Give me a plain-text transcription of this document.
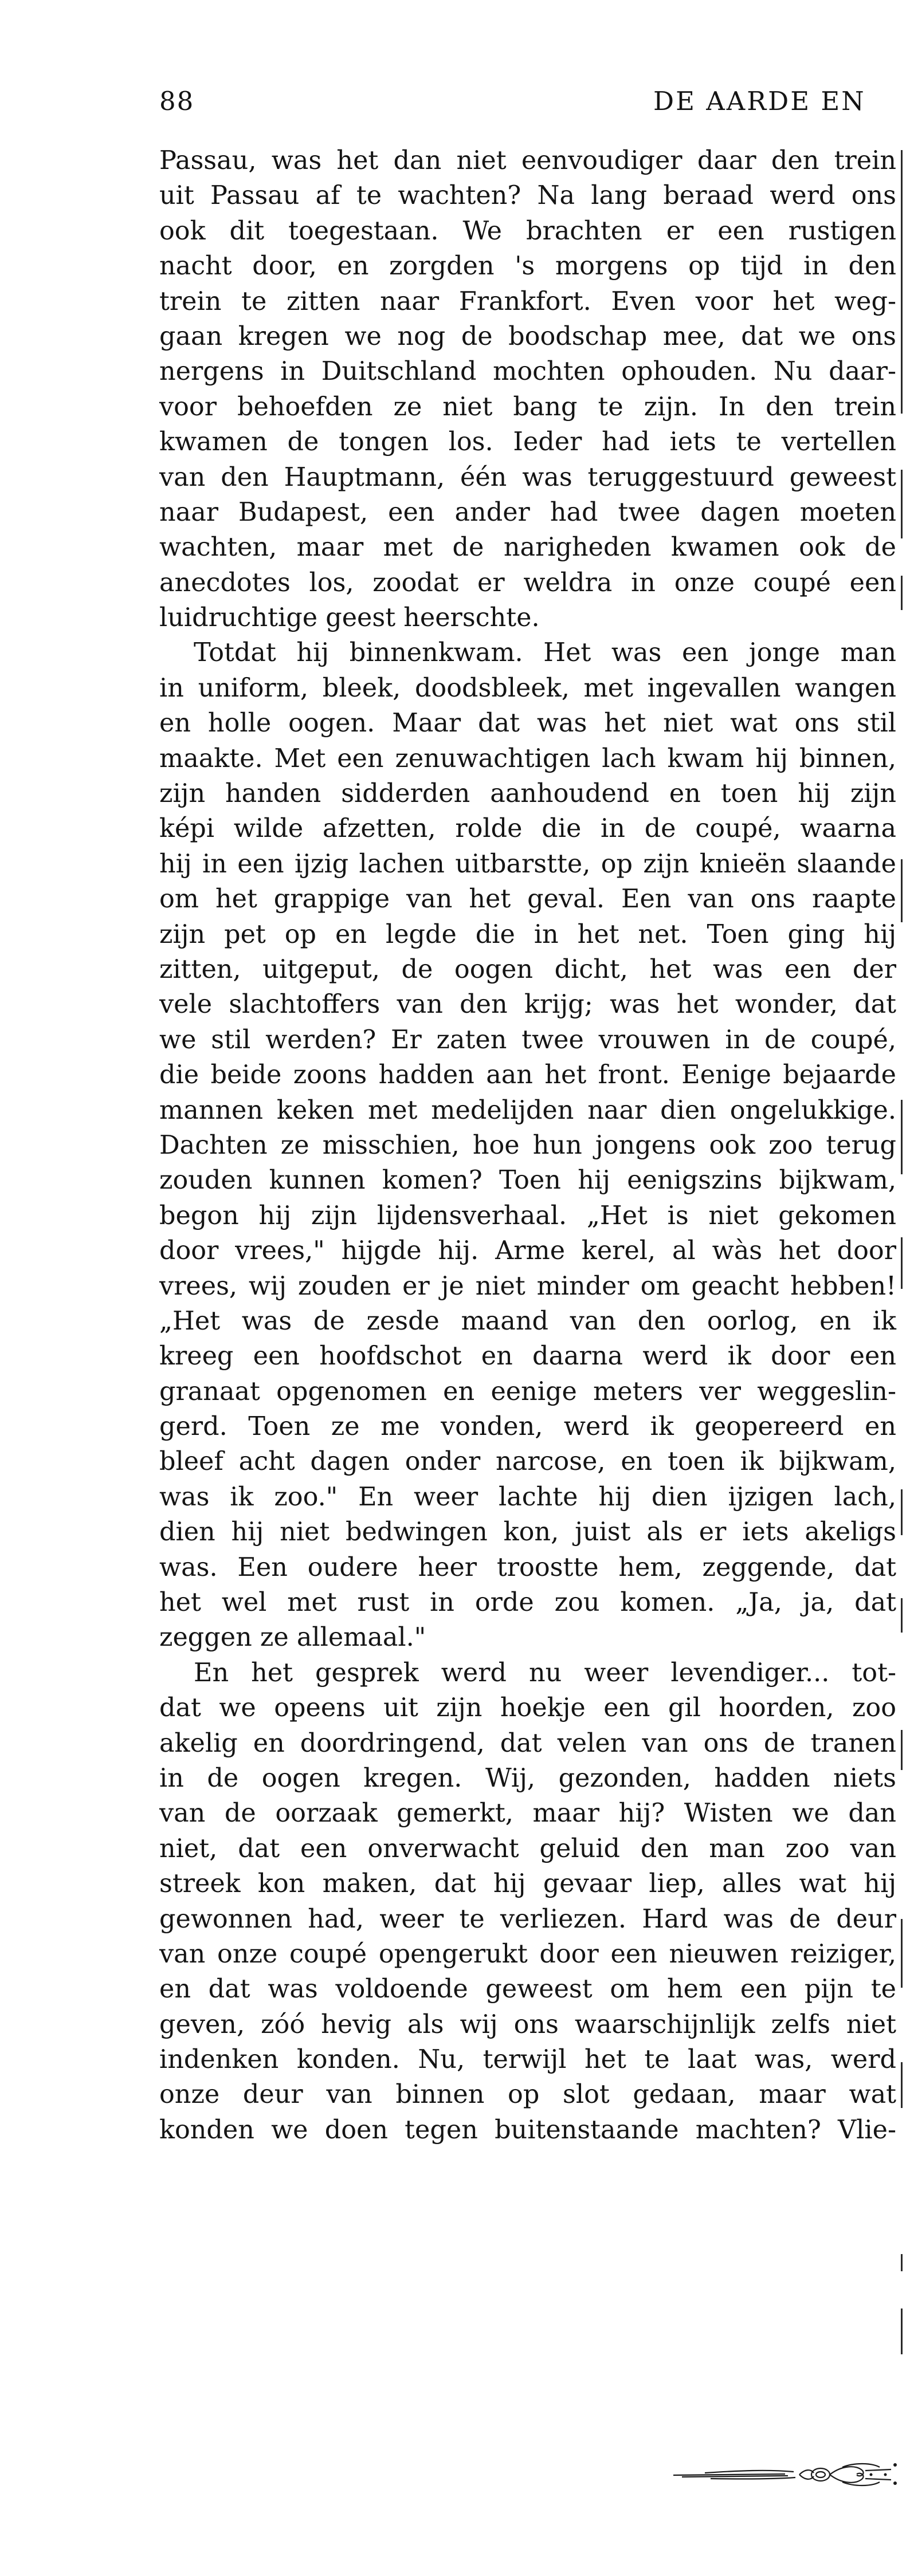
88	DE AARDE EN
Passau, was het dan niet eenvoudiger daar den trein
uit Passau af te wachten? Na lang beraad werd ons
ook dit toegestaan. We brachten er een rustigen
nacht door, en zorgden 's morgens op tijd in den
trein te zitten naar Frankfort. Even voor het weg-
gaan kregen we nog de boodschap mee, dat we ons
nergens in Duitschland mochten ophouden. Nu daar-
voor behoefden ze niet bang te zijn. In den trein
kwamen de tongen los. Ieder had iets te vertellen
van den Hauptmann, één was teruggestuurd geweest
naar Budapest, een ander had twee dagen moeten
wachten, maar met de narigheden kwamen ook de
anecdotes los, zoodat er weldra in onze coupé een
luidruchtige geest heerschte.
Totdat hij binnenkwam. Het was een jonge man
in uniform, bleek, doodsbleek, met ingevallen wangen
en holle oogen. Maar dat was het niet wat ons stil
maakte. Met een zenuwachtigen lach kwam hij binnen,
zijn handen sidderden aanhoudend en toen hij zijn
képi wilde afzetten, rolde die in de coupé, waarna
hij in een ijzig lachen uitbarstte, op zijn knieën slaande
om het grappige van het geval. Een van ons raapte
zijn pet op en legde die in het net. Toen ging hij
zitten, uitgeput, de oogen dicht, het was een der
vele slachtoffers van den krijg; was het wonder, dat
we stil werden? Er zaten twee vrouwen in de coupé,
die beide zoons hadden aan het front. Eenige bejaarde
mannen keken met medelijden naar dien ongelukkige.
Dachten ze misschien, hoe hun jongens ook zoo terug
zouden kunnen komen? Toen hij eenigszins bijkwam,
begon hij zijn lijdensverhaal. „Het is niet gekomen
door vrees," hijgde hij. Arme kerel, al wàs het door
vrees, wij zouden er je niet minder om geacht hebben!
„Het was de zesde maand van den oorlog, en ik
kreeg een hoofdschot en daarna werd ik door een
granaat opgenomen en eenige meters ver weggeslin-
gerd. Toen ze me vonden, werd ik geopereerd en
bleef acht dagen onder narcose, en toen ik bijkwam,
was ik zoo." En weer lachte hij dien ijzigen lach,
dien hij niet bedwingen kon, juist als er iets akeligs
was. Een oudere heer troostte hem, zeggende, dat
het wel met rust in orde zou komen. „Ja, ja, dat
zeggen ze allemaal."
En het gesprek werd nu weer levendiger... tot-
dat we opeens uit zijn hoekje een gil hoorden, zoo
akelig en doordringend, dat velen van ons de tranen
in de oogen kregen. Wij, gezonden, hadden niets
van de oorzaak gemerkt, maar hij? Wisten we dan
niet, dat een onverwacht geluid den man zoo van
streek kon maken, dat hij gevaar liep, alles wat hij
gewonnen had, weer te verliezen. Hard was de deur
van onze coupé opengerukt door een nieuwen reiziger,
en dat was voldoende geweest om hem een pijn te
geven, zóó hevig als wij ons waarschijnlijk zelfs niet
indenken konden. Nu, terwijl het te laat was, werd
onze deur van binnen op slot gedaan, maar wat
konden we doen tegen buitenstaande machten? Vlie-
